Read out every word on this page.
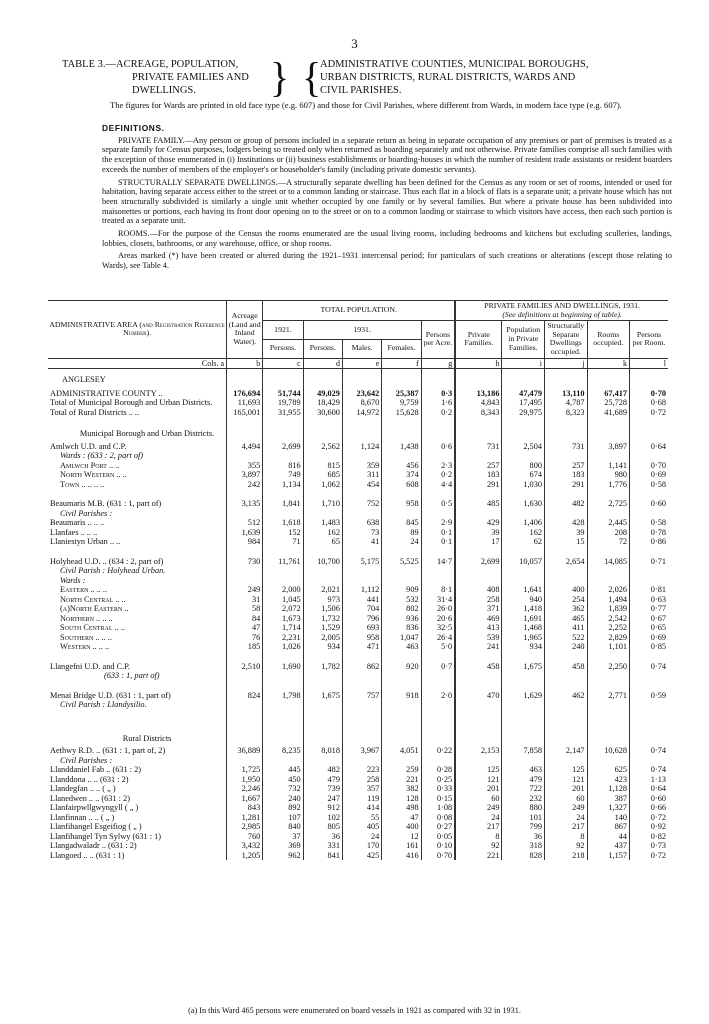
3
TABLE 3.—ACREAGE, POPULATION,
PRIVATE FAMILIES AND
DWELLINGS.	} {
ADMINISTRATIVE COUNTIES, MUNICIPAL BOROUGHS,
URBAN DISTRICTS, RURAL DISTRICTS, WARDS AND
CIVIL PARISHES.
The figures for Wards are printed in old face type (e.g. 607) and those for Civil Parishes, where different from Wards, in modern face type (e.g. 607).

DEFINITIONS.

PRIVATE FAMILY.—Any person or group of persons included in a separate return as being in separate occupation of any premises or part of premises is treated as a separate family for Census purposes, lodgers being so treated only when returned as boarding separately and not otherwise. Private families comprise all such families with the exception of those enumerated in (i) Institutions or (ii) business establishments or boarding-houses in which the number of resident trade assistants or resident boarders exceeds the number of members of the employer's or householder's family (including private domestic servants).

STRUCTURALLY SEPARATE DWELLINGS.—A structurally separate dwelling has been defined for the Census as any room or set of rooms, intended or used for habitation, having separate access either to the street or to a common landing or staircase. Thus each flat in a block of flats is a separate unit; a private house which has not been structurally subdivided is similarly a single unit whether occupied by one family or by several families. But where a private house has been subdivided into maisonettes or portions, each having its front door opening on to the street or on to a common landing or staircase to which visitors have access, then each such portion is treated as a separate unit.

ROOMS.—For the purpose of the Census the rooms enumerated are the usual living rooms, including bedrooms and kitchens but excluding sculleries, landings, lobbies, closets, bathrooms, or any warehouse, office, or shop rooms.

Areas marked (*) have been created or altered during the 1921–1931 intercensal period; for particulars of such creations or alterations (except those relating to Wards), see Table 4.

ADMINISTRATIVE AREA (and Registration Reference Number).	Acreage (Land and Inland Water).	TOTAL POPULATION.					PRIVATE FAMILIES AND DWELLINGS, 1931.
(See definitions at beginning of table).				

		1921.	1931.			Persons per Acre.	Private Families.	Population in Private Families.	Structurally Separate Dwellings occupied.	Rooms occupied.	Persons per Room.
		Persons.	Persons.	Males.	Females.						
Cols. a	b	c	d	e	f	g	h	i	j	k	l
ANGLESEY											
ADMINISTRATIVE COUNTY ..	176,694	51,744	49,029	23,642	25,387	0·3	13,186	47,479	13,110	67,417	0·70
Total of Municipal Borough and Urban Districts.	11,693	19,789	18,429	8,670	9,759	1·6	4,843	17,495	4,787	25,728	0·68
Total of Rural Districts .. ..	165,001	31,955	30,600	14,972	15,628	0·2	8,343	29,975	8,323	41,689	0·72

Municipal Borough and Urban Districts.											
Amlwch U.D. and C.P.	4,494	2,699	2,562	1,124	1,438	0·6	731	2,504	731	3,897	0·64
Wards : (633 : 2, part of)											
Amlwch Port .. ..	355	816	815	359	456	2·3	257	800	257	1,141	0·70
North Western .. ..	3,897	749	685	311	374	0·2	183	674	183	980	0·69
Town .. .. .. ..	242	1,134	1,062	454	608	4·4	291	1,030	291	1,776	0·58

Beaumaris M.B. (631 : 1, part of)	3,135	1,841	1,710	752	958	0·5	485	1,630	482	2,725	0·60
Civil Parishes :											
Beaumaris .. .. ..	512	1,618	1,483	638	845	2·9	429	1,406	428	2,445	0·58
Llanfaes .. .. ..	1,639	152	162	73	89	0·1	39	162	39	208	0·78
Llaniestyn Urban .. ..	984	71	65	41	24	0·1	17	62	15	72	0·86

Holyhead U.D. .. (634 : 2, part of)	730	11,761	10,700	5,175	5,525	14·7	2,699	10,057	2,654	14,085	0·71
Civil Parish : Holyhead Urban.											
Wards :											
Eastern .. .. ..	249	2,000	2,021	1,112	909	8·1	408	1,641	400	2,026	0·81
North Central .. ..	31	1,045	973	441	532	31·4	258	940	254	1,494	0·63
(a)North Eastern ..	58	2,072	1,506	704	802	26·0	371	1,418	362	1,839	0·77
Northern .. .. ..	84	1,673	1,732	796	936	20·6	469	1,691	465	2,542	0·67
South Central .. ..	47	1,714	1,529	693	836	32·5	413	1,468	411	2,252	0·65
Southern .. .. ..	76	2,231	2,005	958	1,047	26·4	539	1,965	522	2,829	0·69
Western .. .. ..	185	1,026	934	471	463	5·0	241	934	240	1,101	0·85

Llangefni U.D. and C.P.	2,510	1,690	1,782	862	920	0·7	458	1,675	458	2,250	0·74
(633 : 1, part of)											

Menai Bridge U.D. (631 : 1, part of)	824	1,798	1,675	757	918	2·0	470	1,629	462	2,771	0·59
Civil Parish : Llandysilio.											

Rural Districts											
Aethwy R.D. .. (631 : 1, part of, 2)	36,889	8,235	8,018	3,967	4,051	0·22	2,153	7,858	2,147	10,628	0·74
Civil Parishes :											
Llanddaniel Fab .. (631 : 2)	1,725	445	482	223	259	0·28	125	463	125	625	0·74
Llanddona .. .. (631 : 2)	1,950	450	479	258	221	0·25	121	479	121	423	1·13
Llandegfan .. .. ( „ )	2,246	732	739	357	382	0·33	201	722	201	1,128	0·64
Llanedwen .. .. (631 : 2)	1,667	240	247	119	128	0·15	60	232	60	387	0·60
Llanfairpwllgwyngyll ( „ )	843	892	912	414	498	1·08	249	880	249	1,327	0·66
Llanfinnan .. .. ( „ )	1,281	107	102	55	47	0·08	24	101	24	140	0·72
Llanfihangel Esgeifiog ( „ )	2,985	840	805	405	400	0·27	217	799	217	867	0·92
Llanfihangel Tyn Sylwy (631 : 1)	760	37	36	24	12	0·05	8	36	8	44	0·82
Llangadwaladr .. (631 : 2)	3,432	369	331	170	161	0·10	92	318	92	437	0·73
Llangoed .. .. (631 : 1)	1,205	962	841	425	416	0·70	221	828	218	1,157	0·72
(a) In this Ward 465 persons were enumerated on board vessels in 1921 as compared with 32 in 1931.
